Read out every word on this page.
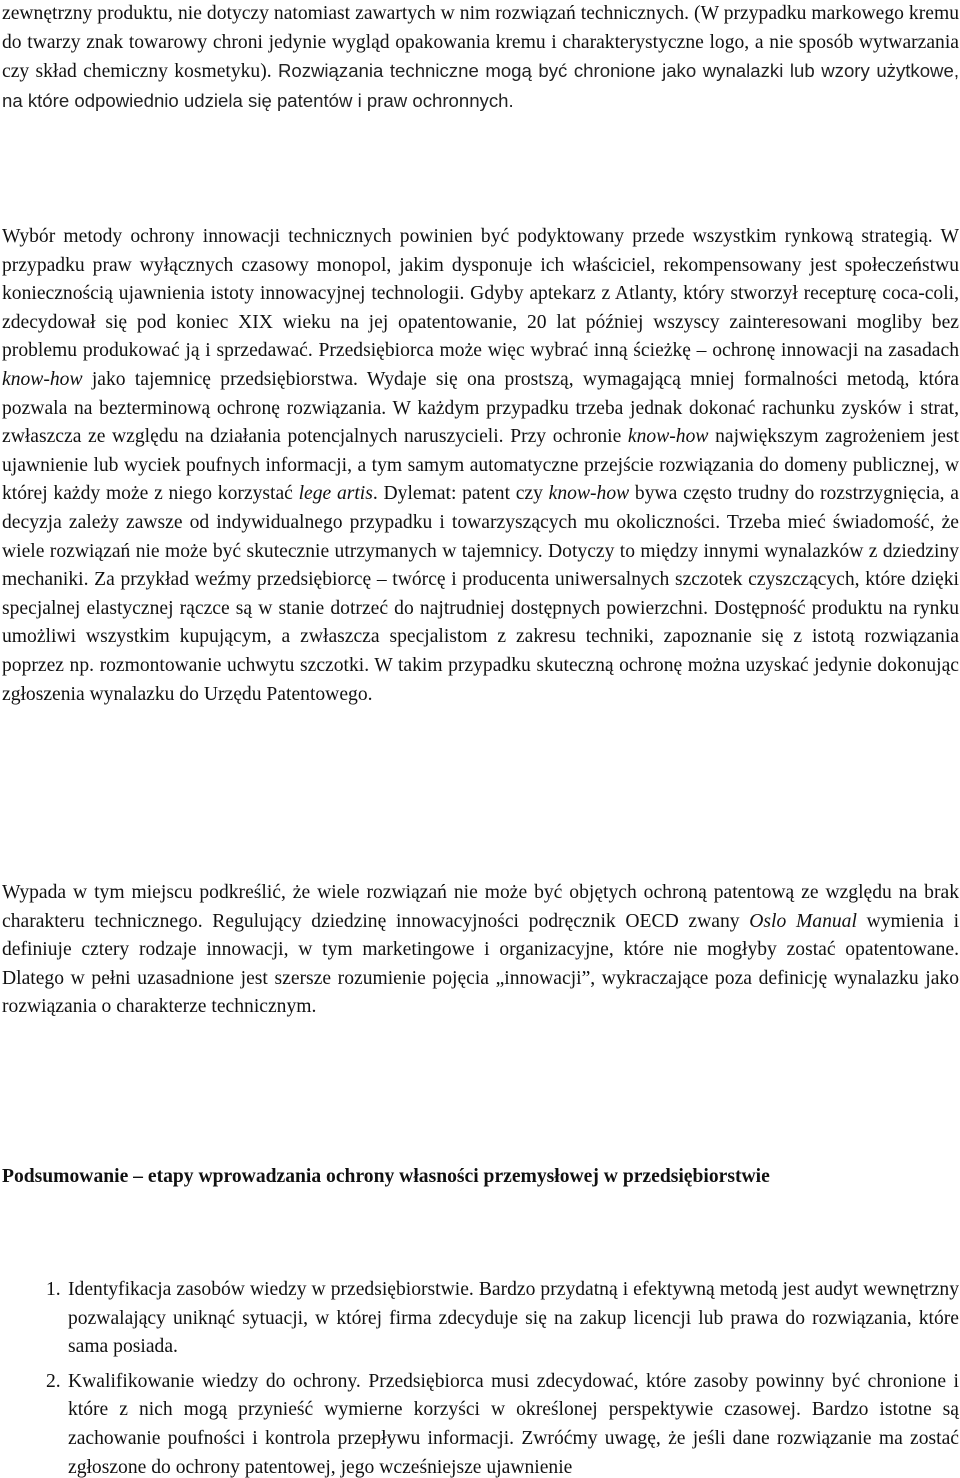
zewnętrzny produktu, nie dotyczy natomiast zawartych w nim rozwiązań technicznych. (W przypadku markowego kremu do twarzy znak towarowy chroni jedynie wygląd opakowania kremu i charakterystyczne logo, a nie sposób wytwarzania czy skład chemiczny kosmetyku). Rozwiązania techniczne mogą być chronione jako wynalazki lub wzory użytkowe, na które odpowiednio udziela się patentów i praw ochronnych.

Wybór metody ochrony innowacji technicznych powinien być podyktowany przede wszystkim rynkową strategią. W przypadku praw wyłącznych czasowy monopol, jakim dysponuje ich właściciel, rekompensowany jest społeczeństwu koniecznością ujawnienia istoty innowacyjnej technologii. Gdyby aptekarz z Atlanty, który stworzył recepturę coca-coli, zdecydował się pod koniec XIX wieku na jej opatentowanie, 20 lat później wszyscy zainteresowani mogliby bez problemu produkować ją i sprzedawać. Przedsiębiorca może więc wybrać inną ścieżkę – ochronę innowacji na zasadach know-how jako tajemnicę przedsiębiorstwa. Wydaje się ona prostszą, wymagającą mniej formalności metodą, która pozwala na bezterminową ochronę rozwiązania. W każdym przypadku trzeba jednak dokonać rachunku zysków i strat, zwłaszcza ze względu na działania potencjalnych naruszycieli. Przy ochronie know-how największym zagrożeniem jest ujawnienie lub wyciek poufnych informacji, a tym samym automatyczne przejście rozwiązania do domeny publicznej, w której każdy może z niego korzystać lege artis. Dylemat: patent czy know-how bywa często trudny do rozstrzygnięcia, a decyzja zależy zawsze od indywidualnego przypadku i towarzyszących mu okoliczności. Trzeba mieć świadomość, że wiele rozwiązań nie może być skutecznie utrzymanych w tajemnicy. Dotyczy to między innymi wynalazków z dziedziny mechaniki. Za przykład weźmy przedsiębiorcę – twórcę i producenta uniwersalnych szczotek czyszczących, które dzięki specjalnej elastycznej rączce są w stanie dotrzeć do najtrudniej dostępnych powierzchni. Dostępność produktu na rynku umożliwi wszystkim kupującym, a zwłaszcza specjalistom z zakresu techniki, zapoznanie się z istotą rozwiązania poprzez np. rozmontowanie uchwytu szczotki. W takim przypadku skuteczną ochronę można uzyskać jedynie dokonując zgłoszenia wynalazku do Urzędu Patentowego.

Wypada w tym miejscu podkreślić, że wiele rozwiązań nie może być objętych ochroną patentową ze względu na brak charakteru technicznego. Regulujący dziedzinę innowacyjności podręcznik OECD zwany Oslo Manual wymienia i definiuje cztery rodzaje innowacji, w tym marketingowe i organizacyjne, które nie mogłyby zostać opatentowane. Dlatego w pełni uzasadnione jest szersze rozumienie pojęcia „innowacji”, wykraczające poza definicję wynalazku jako rozwiązania o charakterze technicznym.

Podsumowanie – etapy wprowadzania ochrony własności przemysłowej w przedsiębiorstwie
1. Identyfikacja zasobów wiedzy w przedsiębiorstwie. Bardzo przydatną i efektywną metodą jest audyt wewnętrzny pozwalający uniknąć sytuacji, w której firma zdecyduje się na zakup licencji lub prawa do rozwiązania, które sama posiada.
2. Kwalifikowanie wiedzy do ochrony. Przedsiębiorca musi zdecydować, które zasoby powinny być chronione i które z nich mogą przynieść wymierne korzyści w określonej perspektywie czasowej. Bardzo istotne są zachowanie poufności i kontrola przepływu informacji. Zwróćmy uwagę, że jeśli dane rozwiązanie ma zostać zgłoszone do ochrony patentowej, jego wcześniejsze ujawnienie
